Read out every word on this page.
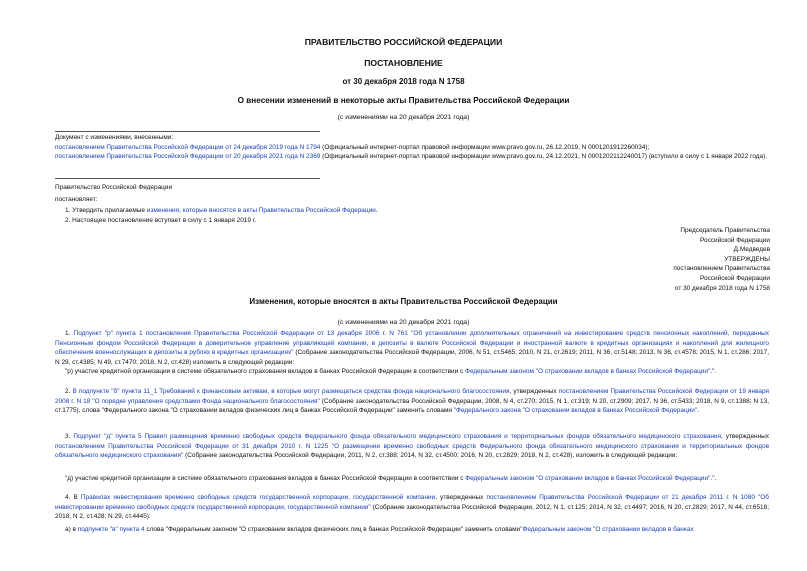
ПРАВИТЕЛЬСТВО РОССИЙСКОЙ ФЕДЕРАЦИИ
ПОСТАНОВЛЕНИЕ
от 30 декабря 2018 года N 1758
О внесении изменений в некоторые акты Правительства Российской Федерации
(с изменениями на 20 декабря 2021 года)
Документ с изменениями, внесенными:
постановлением Правительства Российской Федерации от 24 декабря 2019 года N 1794 (Официальный интернет-портал правовой информации www.pravo.gov.ru, 26.12.2019, N 0001201912260034);
постановлением Правительства Российской Федерации от 20 декабря 2021 года N 2369 (Официальный интернет-портал правовой информации www.pravo.gov.ru, 24.12.2021, N 0001202112240017) (вступило в силу с 1 января 2022 года).
Правительство Российской Федерации
постановляет:
1. Утвердить прилагаемые изменения, которые вносятся в акты Правительства Российской Федерации.
2. Настоящее постановление вступает в силу с 1 января 2019 г.
Председатель Правительства
Российской Федерации
Д.Медведев
УТВЕРЖДЕНЫ
постановлением Правительства
Российской Федерации
от 30 декабря 2018 года N 1758
Изменения, которые вносятся в акты Правительства Российской Федерации
(с изменениями на 20 декабря 2021 года)
1. Подпункт "р" пункта 1 постановления Правительства Российской Федерации от 13 декабря 2006 г. N 761 "Об установлении дополнительных ограничений на инвестирование средств пенсионных накоплений, переданных Пенсионным фондом Российской Федерации в доверительное управление управляющей компании, в депозиты в валюте Российской Федерации и иностранной валюте в кредитных организациях и накоплений для жилищного обеспечения военнослужащих в депозиты в рублях в кредитных организациях" (Собрание законодательства Российской Федерации, 2006, N 51, ст.5465; 2010, N 21, ст.2619; 2011, N 36, ст.5148; 2013, N 36, ст.4578; 2015, N 1, ст.286; 2017, N 29, ст.4385; N 49, ст.7470; 2018, N 2, ст.428) изложить в следующей редакции:
"р) участие кредитной организации в системе обязательного страхования вкладов в банках Российской Федерации в соответствии с Федеральным законом "О страховании вкладов в банках Российской Федерации".".
2. В подпункте "б" пункта 11_1 Требований к финансовым активам, в которые могут размещаться средства фонда национального благосостояния, утвержденных постановлением Правительства Российской Федерации от 19 января 2008 г. N 18 "О порядке управления средствами Фонда национального благосостояния" (Собрание законодательства Российской Федерации, 2008, N 4, ст.270; 2015, N 1, ст.319; N 20, ст.2909; 2017, N 36, ст.5433; 2018, N 9, ст.1388; N 13, ст.1775), слова "Федерального закона "О страховании вкладов физических лиц в банках Российской Федерации" заменить словами "Федерального закона "О страховании вкладов в банках Российской Федерации".
3. Подпункт "д" пункта 5 Правил размещения временно свободных средств Федерального фонда обязательного медицинского страхования и территориальных фондов обязательного медицинского страхования, утвержденных постановлением Правительства Российской Федерации от 31 декабря 2010 г. N 1225 "О размещении временно свободных средств Федерального фонда обязательного медицинского страхования и территориальных фондов обязательного медицинского страхования" (Собрание законодательства Российской Федерации, 2011, N 2, ст.388; 2014, N 32, ст.4500; 2016, N 20, ст.2829; 2018, N 2, ст.428), изложить в следующей редакции:
"д) участие кредитной организации в системе обязательного страхования вкладов в банках Российской Федерации в соответствии с Федеральным законом "О страховании вкладов в банках Российской Федерации".".
4. В Правилах инвестирования временно свободных средств государственной корпорации, государственной компании, утвержденных постановлением Правительства Российской Федерации от 21 декабря 2011 г. N 1080 "Об инвестировании временно свободных средств государственной корпорации, государственной компании" (Собрание законодательства Российской Федерации, 2012, N 1, ст.125; 2014, N 32, ст.4497; 2016, N 20, ст.2829; 2017, N 44, ст.6518; 2018, N 2, ст.428; N 29, ст.4445):
а) в подпункте "в" пункта 4 слова "Федеральным законом "О страховании вкладов физических лиц в банках Российской Федерации" заменить словами"Федеральным законом "О страховании вкладов в банках
